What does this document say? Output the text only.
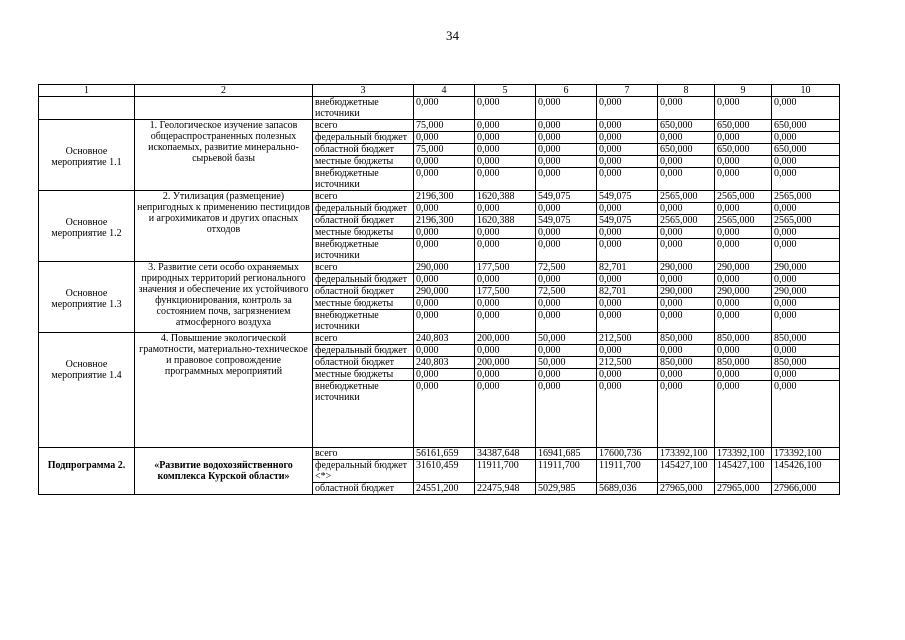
34
1	2	3	4	5	6	7	8	9	10
		внебюджетные источники	0,000	0,000	0,000	0,000	0,000	0,000	0,000

Основное мероприятие 1.1	1. Геологическое изучение запасов общераспространенных полезных ископаемых, развитие минерально-сырьевой базы	всего	75,000	0,000	0,000	0,000	650,000	650,000	650,000
		федеральный бюджет	0,000	0,000	0,000	0,000	0,000	0,000	0,000
		областной бюджет	75,000	0,000	0,000	0,000	650,000	650,000	650,000
		местные бюджеты	0,000	0,000	0,000	0,000	0,000	0,000	0,000
		внебюджетные источники	0,000	0,000	0,000	0,000	0,000	0,000	0,000

Основное мероприятие 1.2	2. Утилизация (размещение) непригодных к применению пестицидов и агрохимикатов и других опасных отходов	всего	2196,300	1620,388	549,075	549,075	2565,000	2565,000	2565,000
		федеральный бюджет	0,000	0,000	0,000	0,000	0,000	0,000	0,000
		областной бюджет	2196,300	1620,388	549,075	549,075	2565,000	2565,000	2565,000
		местные бюджеты	0,000	0,000	0,000	0,000	0,000	0,000	0,000
		внебюджетные источники	0,000	0,000	0,000	0,000	0,000	0,000	0,000

Основное мероприятие 1.3	3. Развитие сети особо охраняемых природных территорий регионального значения и обеспечение их устойчивого функционирования, контроль за состоянием почв, загрязнением атмосферного воздуха	всего	290,000	177,500	72,500	82,701	290,000	290,000	290,000
		федеральный бюджет	0,000	0,000	0,000	0,000	0,000	0,000	0,000
		областной бюджет	290,000	177,500	72,500	82,701	290,000	290,000	290,000
		местные бюджеты	0,000	0,000	0,000	0,000	0,000	0,000	0,000
		внебюджетные источники	0,000	0,000	0,000	0,000	0,000	0,000	0,000

Основное мероприятие 1.4	4. Повышение экологической грамотности, материально-техническое и правовое сопровождение программных мероприятий	всего	240,803	200,000	50,000	212,500	850,000	850,000	850,000
		федеральный бюджет	0,000	0,000	0,000	0,000	0,000	0,000	0,000
		областной бюджет	240,803	200,000	50,000	212,500	850,000	850,000	850,000
		местные бюджеты	0,000	0,000	0,000	0,000	0,000	0,000	0,000
		внебюджетные источники	0,000	0,000	0,000	0,000	0,000	0,000	0,000

Подпрограмма 2.	«Развитие водохозяйственного комплекса Курской области»	всего	56161,659	34387,648	16941,685	17600,736	173392,100	173392,100	173392,100
		федеральный бюджет <*>	31610,459	11911,700	11911,700	11911,700	145427,100	145427,100	145426,100
		областной бюджет	24551,200	22475,948	5029,985	5689,036	27965,000	27965,000	27966,000
